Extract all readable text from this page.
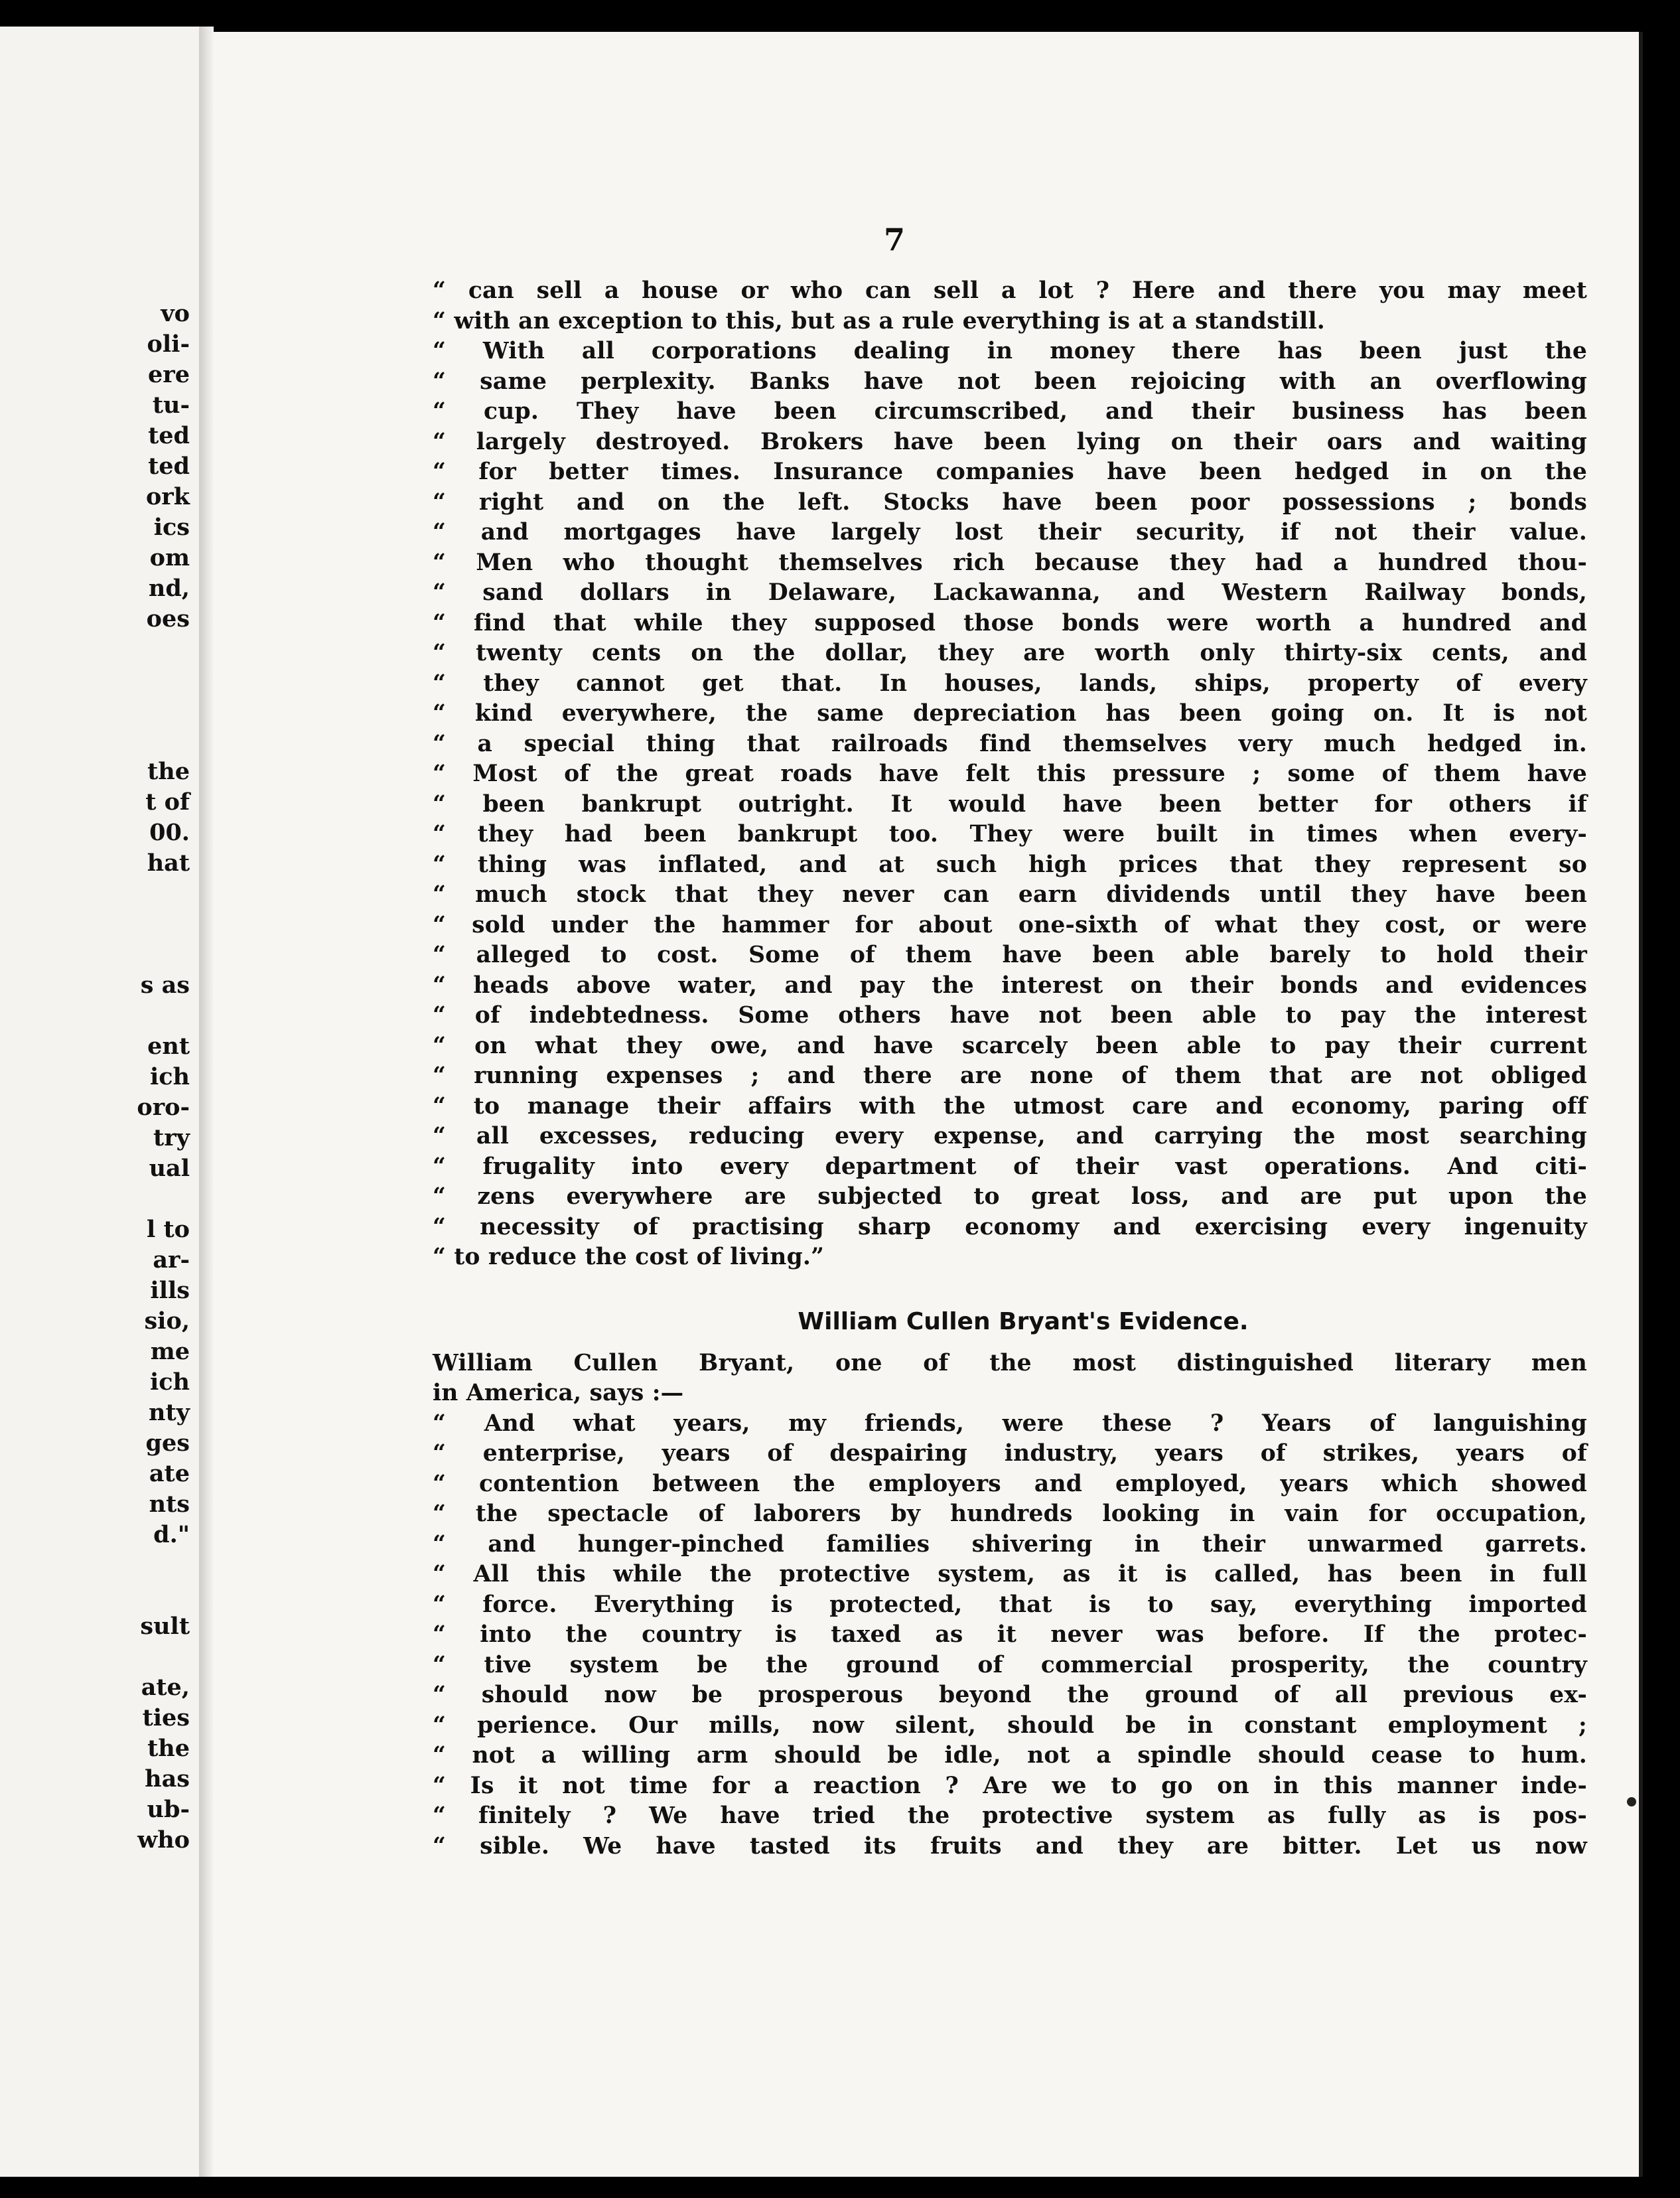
vo
oli-
ere
tu-
ted
ted
ork
ics
om
nd,
oes
the
t of
00.
hat
s as
ent
ich
oro-
try
ual
l to
ar-
ills
sio,
me
ich
nty
ges
ate
nts
d."
sult
ate,
ties
the
has
ub-
who
7
“ can sell a house or who can sell a lot ? Here and there you may meet
“ with an exception to this, but as a rule everything is at a standstill.
“ With all corporations dealing in money there has been just the
“ same perplexity. Banks have not been rejoicing with an overflowing
“ cup. They have been circumscribed, and their business has been
“ largely destroyed. Brokers have been lying on their oars and waiting
“ for better times. Insurance companies have been hedged in on the
“ right and on the left. Stocks have been poor possessions ; bonds
“ and mortgages have largely lost their security, if not their value.
“ Men who thought themselves rich because they had a hundred thou-
“ sand dollars in Delaware, Lackawanna, and Western Railway bonds,
“ find that while they supposed those bonds were worth a hundred and
“ twenty cents on the dollar, they are worth only thirty-six cents, and
“ they cannot get that. In houses, lands, ships, property of every
“ kind everywhere, the same depreciation has been going on. It is not
“ a special thing that railroads find themselves very much hedged in.
“ Most of the great roads have felt this pressure ; some of them have
“ been bankrupt outright. It would have been better for others if
“ they had been bankrupt too. They were built in times when every-
“ thing was inflated, and at such high prices that they represent so
“ much stock that they never can earn dividends until they have been
“ sold under the hammer for about one-sixth of what they cost, or were
“ alleged to cost. Some of them have been able barely to hold their
“ heads above water, and pay the interest on their bonds and evidences
“ of indebtedness. Some others have not been able to pay the interest
“ on what they owe, and have scarcely been able to pay their current
“ running expenses ; and there are none of them that are not obliged
“ to manage their affairs with the utmost care and economy, paring off
“ all excesses, reducing every expense, and carrying the most searching
“ frugality into every department of their vast operations. And citi-
“ zens everywhere are subjected to great loss, and are put upon the
“ necessity of practising sharp economy and exercising every ingenuity
“ to reduce the cost of living.”
William Cullen Bryant's Evidence.
William Cullen Bryant, one of the most distinguished literary men
in America, says :—
“ And what years, my friends, were these ? Years of languishing
“ enterprise, years of despairing industry, years of strikes, years of
“ contention between the employers and employed, years which showed
“ the spectacle of laborers by hundreds looking in vain for occupation,
“ and hunger-pinched families shivering in their unwarmed garrets.
“ All this while the protective system, as it is called, has been in full
“ force. Everything is protected, that is to say, everything imported
“ into the country is taxed as it never was before. If the protec-
“ tive system be the ground of commercial prosperity, the country
“ should now be prosperous beyond the ground of all previous ex-
“ perience. Our mills, now silent, should be in constant employment ;
“ not a willing arm should be idle, not a spindle should cease to hum.
“ Is it not time for a reaction ? Are we to go on in this manner inde-
“ finitely ? We have tried the protective system as fully as is pos-
“ sible. We have tasted its fruits and they are bitter. Let us now
